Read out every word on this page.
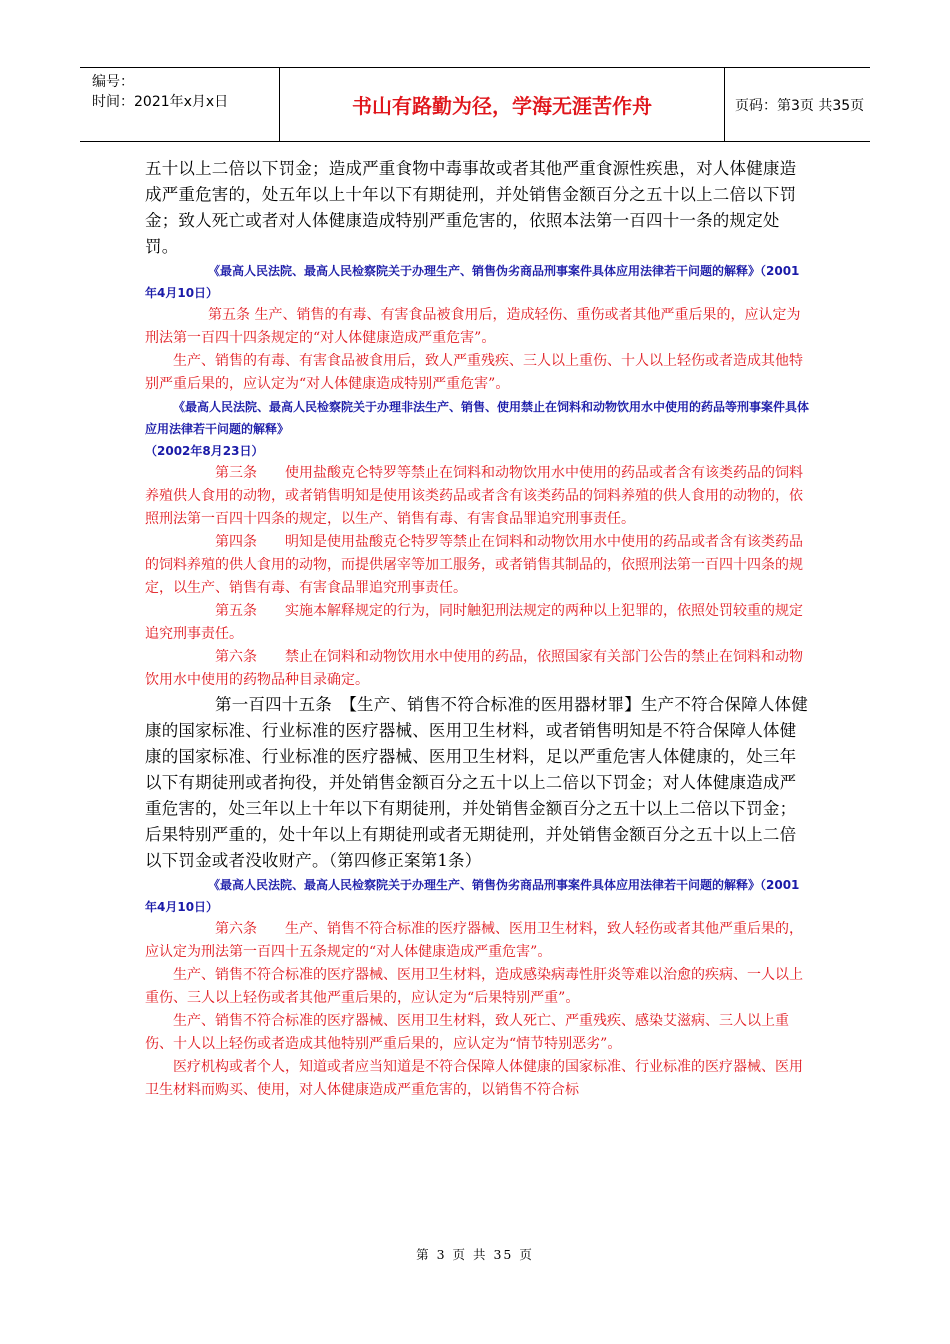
编号：
时间：2021年x月x日	书山有路勤为径，学海无涯苦作舟	页码：第3页 共35页

五十以上二倍以下罚金；造成严重食物中毒事故或者其他严重食源性疾患，对人体健康造成严重危害的，处五年以上十年以下有期徒刑，并处销售金额百分之五十以上二倍以下罚金；致人死亡或者对人体健康造成特别严重危害的，依照本法第一百四十一条的规定处罚。

《最高人民法院、最高人民检察院关于办理生产、销售伪劣商品刑事案件具体应用法律若干问题的解释》（2001年4月10日）

第五条 生产、销售的有毒、有害食品被食用后，造成轻伤、重伤或者其他严重后果的，应认定为刑法第一百四十四条规定的“对人体健康造成严重危害”。

生产、销售的有毒、有害食品被食用后，致人严重残疾、三人以上重伤、十人以上轻伤或者造成其他特别严重后果的，应认定为“对人体健康造成特别严重危害”。

《最高人民法院、最高人民检察院关于办理非法生产、销售、使用禁止在饲料和动物饮用水中使用的药品等刑事案件具体应用法律若干问题的解释》

（2002年8月23日）

第三条　　使用盐酸克仑特罗等禁止在饲料和动物饮用水中使用的药品或者含有该类药品的饲料养殖供人食用的动物，或者销售明知是使用该类药品或者含有该类药品的饲料养殖的供人食用的动物的，依照刑法第一百四十四条的规定，以生产、销售有毒、有害食品罪追究刑事责任。

第四条　　明知是使用盐酸克仑特罗等禁止在饲料和动物饮用水中使用的药品或者含有该类药品的饲料养殖的供人食用的动物，而提供屠宰等加工服务，或者销售其制品的，依照刑法第一百四十四条的规定，以生产、销售有毒、有害食品罪追究刑事责任。

第五条　　实施本解释规定的行为，同时触犯刑法规定的两种以上犯罪的，依照处罚较重的规定追究刑事责任。

第六条　　禁止在饲料和动物饮用水中使用的药品，依照国家有关部门公告的禁止在饲料和动物饮用水中使用的药物品种目录确定。

第一百四十五条　【生产、销售不符合标准的医用器材罪】生产不符合保障人体健康的国家标准、行业标准的医疗器械、医用卫生材料，或者销售明知是不符合保障人体健康的国家标准、行业标准的医疗器械、医用卫生材料，足以严重危害人体健康的，处三年以下有期徒刑或者拘役，并处销售金额百分之五十以上二倍以下罚金；对人体健康造成严重危害的，处三年以上十年以下有期徒刑，并处销售金额百分之五十以上二倍以下罚金；后果特别严重的，处十年以上有期徒刑或者无期徒刑，并处销售金额百分之五十以上二倍以下罚金或者没收财产。（第四修正案第1条）

《最高人民法院、最高人民检察院关于办理生产、销售伪劣商品刑事案件具体应用法律若干问题的解释》（2001年4月10日）

第六条　　生产、销售不符合标准的医疗器械、医用卫生材料，致人轻伤或者其他严重后果的，应认定为刑法第一百四十五条规定的“对人体健康造成严重危害”。

生产、销售不符合标准的医疗器械、医用卫生材料，造成感染病毒性肝炎等难以治愈的疾病、一人以上重伤、三人以上轻伤或者其他严重后果的，应认定为“后果特别严重”。

生产、销售不符合标准的医疗器械、医用卫生材料，致人死亡、严重残疾、感染艾滋病、三人以上重伤、十人以上轻伤或者造成其他特别严重后果的，应认定为“情节特别恶劣”。

医疗机构或者个人，知道或者应当知道是不符合保障人体健康的国家标准、行业标准的医疗器械、医用卫生材料而购买、使用，对人体健康造成严重危害的，以销售不符合标

第 3 页 共 35 页
